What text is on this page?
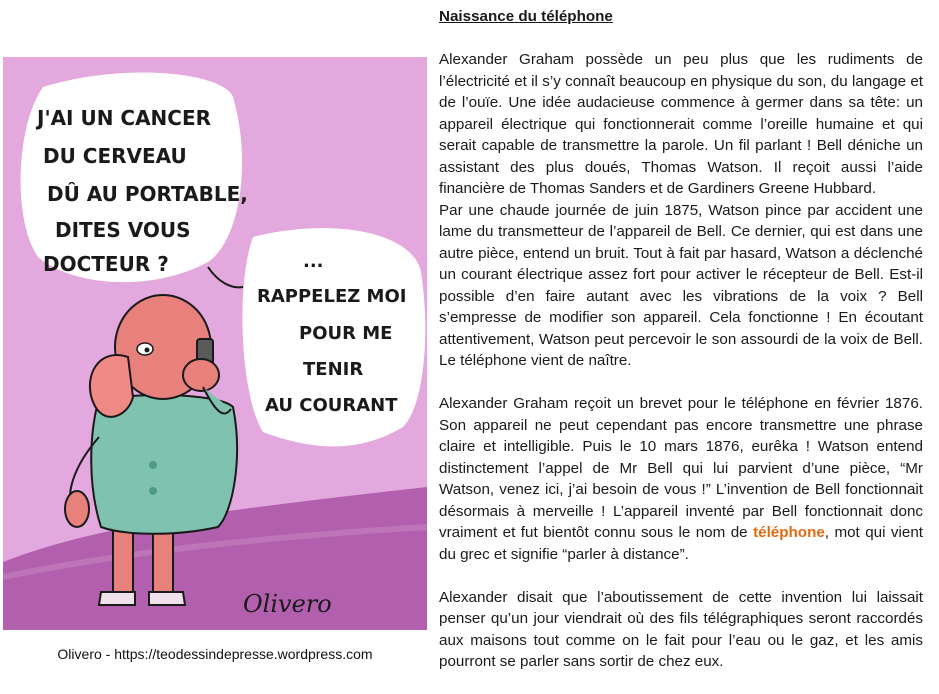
J'AI UN CANCER DU CERVEAU DÛ AU PORTABLE, DITES VOUS DOCTEUR ?	... RAPPELEZ MOI POUR ME TENIR AU COURANT
Olivero
Olivero - https://teodessindepresse.wordpress.com
Naissance du téléphone

Alexander Graham possède un peu plus que les rudiments de l’électricité et il s’y connaît beaucoup en physique du son, du langage et de l’ouïe. Une idée audacieuse commence à germer dans sa tête: un appareil électrique qui fonctionnerait comme l’oreille humaine et qui serait capable de transmettre la parole. Un fil parlant ! Bell déniche un assistant des plus doués, Thomas Watson. Il reçoit aussi l’aide financière de Thomas Sanders et de Gardiners Greene Hubbard.

Par une chaude journée de juin 1875, Watson pince par accident une lame du transmetteur de l’appareil de Bell. Ce dernier, qui est dans une autre pièce, entend un bruit. Tout à fait par hasard, Watson a déclenché un courant électrique assez fort pour activer le récepteur de Bell. Est-il possible d’en faire autant avec les vibrations de la voix ? Bell s’empresse de modifier son appareil. Cela fonctionne ! En écoutant attentivement, Watson peut percevoir le son assourdi de la voix de Bell. Le téléphone vient de naître.

Alexander Graham reçoit un brevet pour le téléphone en février 1876. Son appareil ne peut cependant pas encore transmettre une phrase claire et intelligible. Puis le 10 mars 1876, eurêka ! Watson entend distinctement l’appel de Mr Bell qui lui parvient d’une pièce, “Mr Watson, venez ici, j’ai besoin de vous !” L’invention de Bell fonctionnait désormais à merveille ! L’appareil inventé par Bell fonctionnait donc vraiment et fut bientôt connu sous le nom de téléphone, mot qui vient du grec et signifie “parler à distance”.

Alexander disait que l’aboutissement de cette invention lui laissait penser qu’un jour viendrait où des fils télégraphiques seront raccordés aux maisons tout comme on le fait pour l’eau ou le gaz, et les amis pourront se parler sans sortir de chez eux.
